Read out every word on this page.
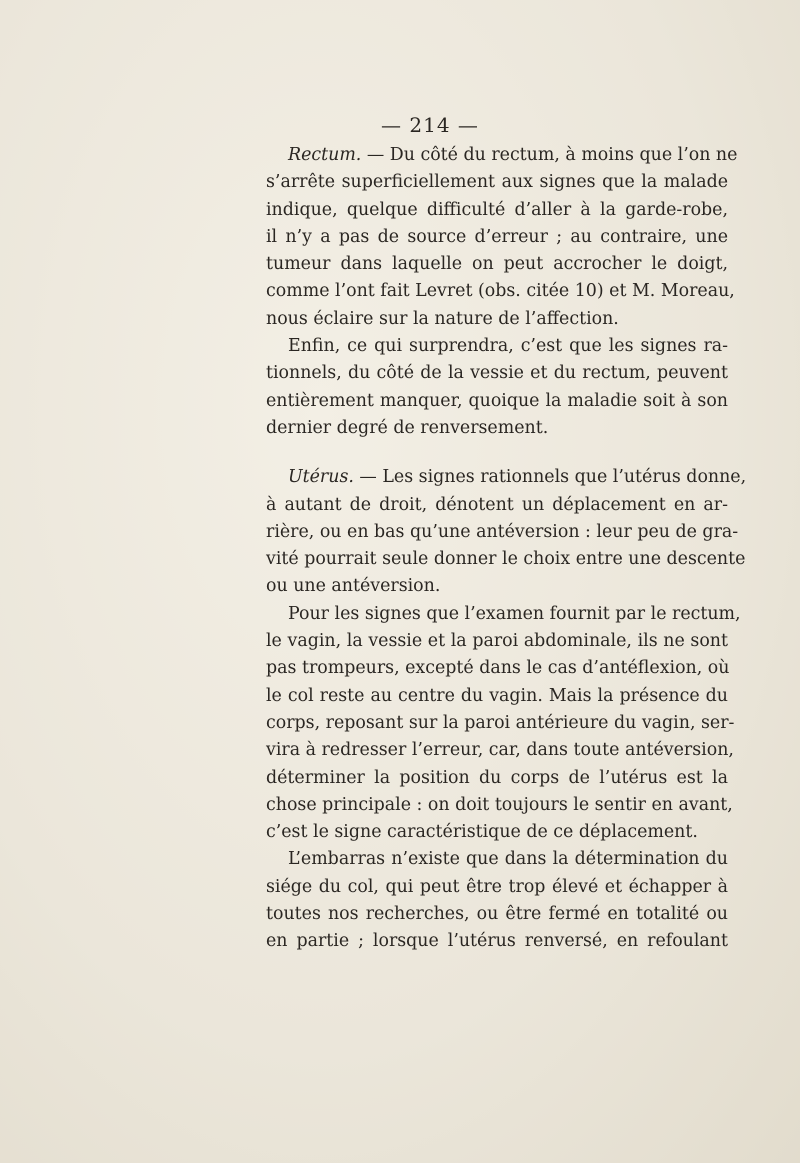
— 214 —
Rectum. — Du côté du rectum, à moins que l’on ne
s’arrête superficiellement aux signes que la malade
indique, quelque difficulté d’aller à la garde-robe,
il n’y a pas de source d’erreur ; au contraire, une
tumeur dans laquelle on peut accrocher le doigt,
comme l’ont fait Levret (obs. citée 10) et M. Moreau,
nous éclaire sur la nature de l’affection.
Enfin, ce qui surprendra, c’est que les signes ra-
tionnels, du côté de la vessie et du rectum, peuvent
entièrement manquer, quoique la maladie soit à son
dernier degré de renversement.
Utérus. — Les signes rationnels que l’utérus donne,
à autant de droit, dénotent un déplacement en ar-
rière, ou en bas qu’une antéversion : leur peu de gra-
vité pourrait seule donner le choix entre une descente
ou une antéversion.
Pour les signes que l’examen fournit par le rectum,
le vagin, la vessie et la paroi abdominale, ils ne sont
pas trompeurs, excepté dans le cas d’antéflexion, où
le col reste au centre du vagin. Mais la présence du
corps, reposant sur la paroi antérieure du vagin, ser-
vira à redresser l’erreur, car, dans toute antéversion,
déterminer la position du corps de l’utérus est la
chose principale : on doit toujours le sentir en avant,
c’est le signe caractéristique de ce déplacement.
L’embarras n’existe que dans la détermination du
siége du col, qui peut être trop élevé et échapper à
toutes nos recherches, ou être fermé en totalité ou
en partie ; lorsque l’utérus renversé, en refoulant
